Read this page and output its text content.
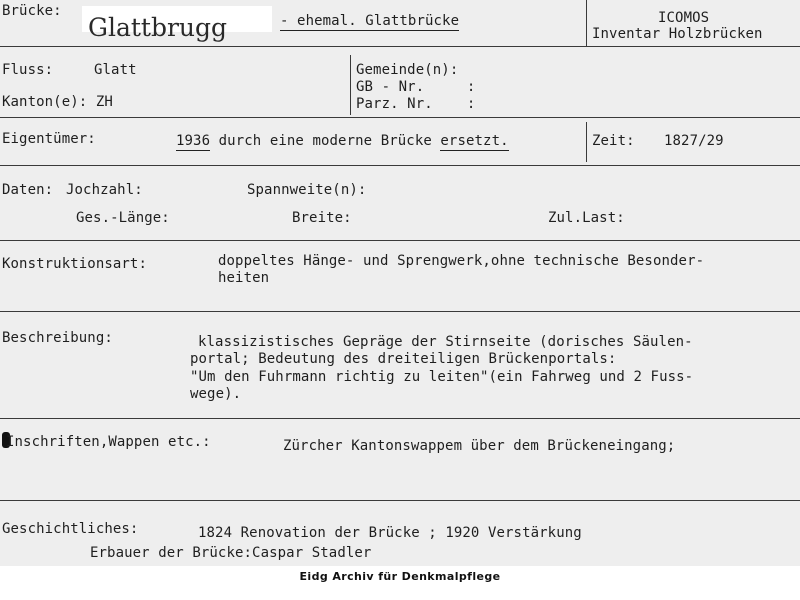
Brücke:
Glattbrugg	- ehemal. Glattbrücke	ICOMOS
Inventar Holzbrücken
Fluss:	Glatt
Kanton(e): ZH
Gemeinde(n):
GB - Nr.     :
Parz. Nr.    :
Eigentümer:	1936 durch eine moderne Brücke ersetzt.	Zeit: 1827/29
Daten: Jochzahl:	Spannweite(n):
Ges.-Länge:	Breite:	Zul.Last:
Konstruktionsart:	doppeltes Hänge- und Sprengwerk,ohne technische Besonder-
heiten
Beschreibung:	klassizistisches Gepräge der Stirnseite (dorisches Säulen-
portal; Bedeutung des dreiteiligen Brückenportals:
"Um den Fuhrmann richtig zu leiten"(ein Fahrweg und 2 Fuss-
wege).
Inschriften,Wappen etc.:	Zürcher Kantonswappem über dem Brückeneingang;
Geschichtliches:	1824 Renovation der Brücke ; 1920 Verstärkung
Erbauer der Brücke:Caspar Stadler
Eidg Archiv für Denkmalpflege
